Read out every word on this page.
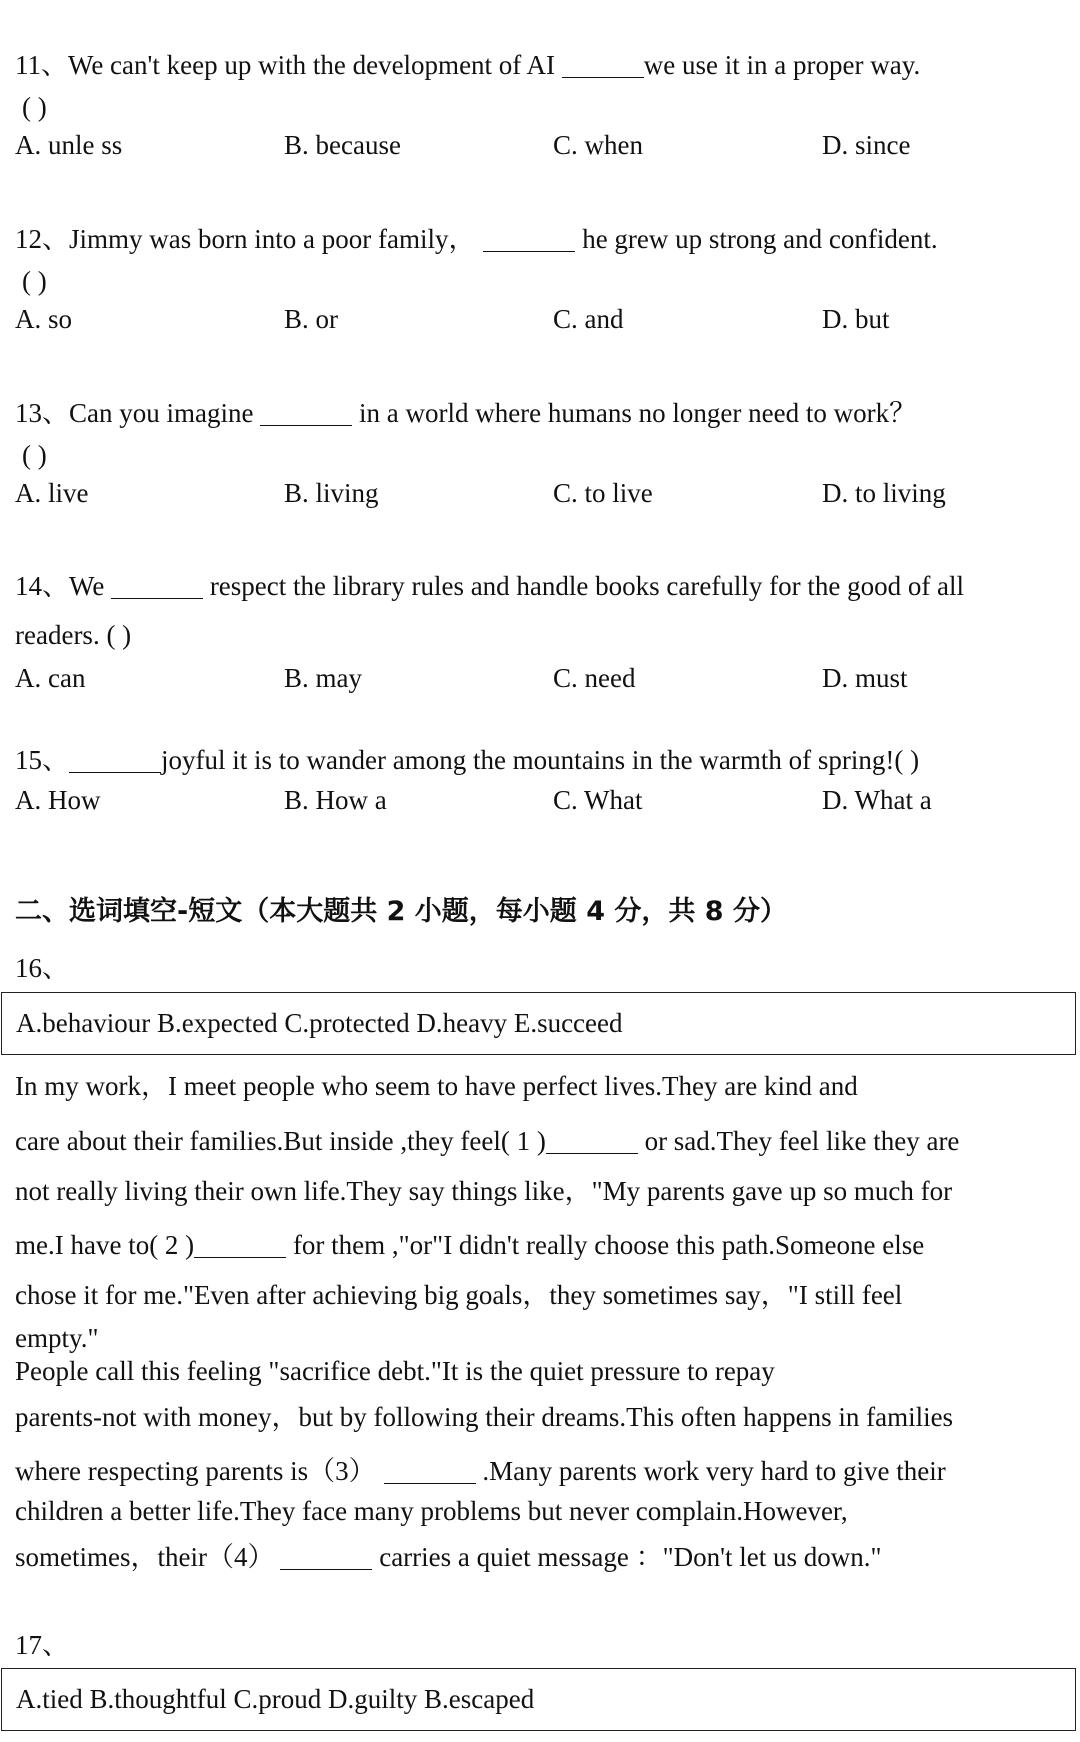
11、We can't keep up with the development of AI	we use it in a proper way.
( )
A. unle ss	B. because	C. when	D. since
12、Jimmy was born into a poor family，	he grew up strong and confident.
( )
A. so	B. or	C. and	D. but
13、Can you imagine	in a world where humans no longer need to work？
( )
A. live	B. living	C. to live	D. to living
14、We	respect the library rules and handle books carefully for the good of all
readers. ( )
A. can	B. may	C. need	D. must
15、	joyful it is to wander among the mountains in the warmth of spring!( )
A. How	B. How a	C. What	D. What a
二、选词填空-短文（本大题共 2 小题，每小题 4 分，共 8 分）
16、
A.behaviour B.expected C.protected D.heavy E.succeed
In my work，I meet people who seem to have perfect lives.They are kind and
care about their families.But inside ,they feel( 1 )	or sad.They feel like they are
not really living their own life.They say things like，"My parents gave up so much for
me.I have to( 2 )	for them ,"or"I didn't really choose this path.Someone else
chose it for me."Even after achieving big goals，they sometimes say，"I still feel
empty."
People call this feeling "sacrifice debt."It is the quiet pressure to repay
parents-not with money，but by following their dreams.This often happens in families
where respecting parents is（3）	.Many parents work very hard to give their
children a better life.They face many problems but never complain.However,
sometimes，their（4）	carries a quiet message ："Don't let us down."
17、
A.tied B.thoughtful C.proud D.guilty B.escaped
